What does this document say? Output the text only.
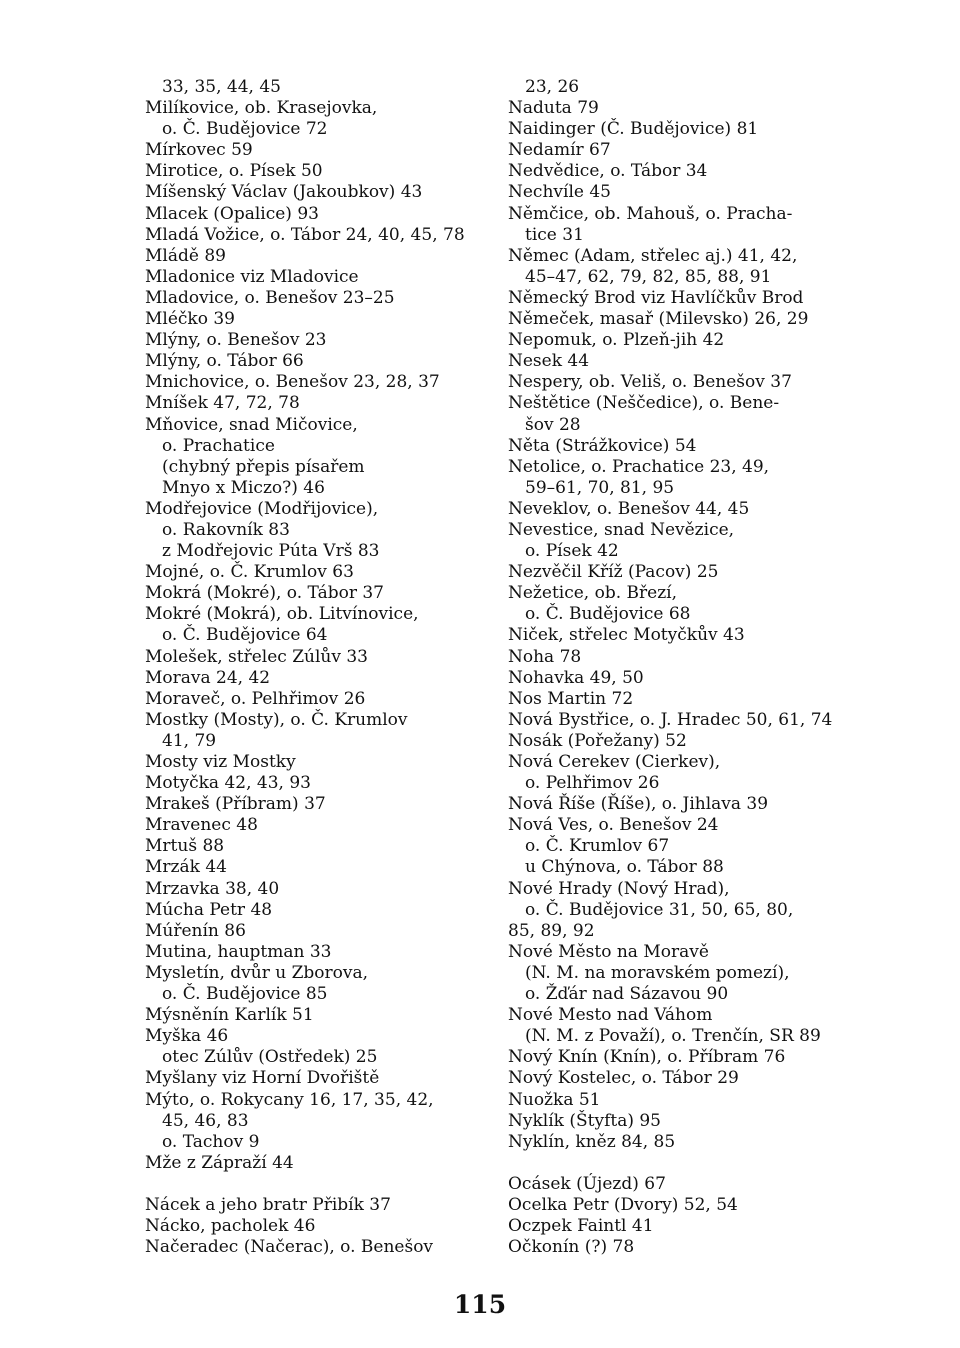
33, 35, 44, 45
Milíkovice, ob. Krasejovka,
o. Č. Budějovice 72
Mírkovec 59
Mirotice, o. Písek 50
Míšenský Václav (Jakoubkov) 43
Mlacek (Opalice) 93
Mladá Vožice, o. Tábor 24, 40, 45, 78
Mládě 89
Mladonice viz Mladovice
Mladovice, o. Benešov 23–25
Mléčko 39
Mlýny, o. Benešov 23
Mlýny, o. Tábor 66
Mnichovice, o. Benešov 23, 28, 37
Mníšek 47, 72, 78
Mňovice, snad Mičovice,
o. Prachatice
(chybný přepis písařem
Mnyo x Miczo?) 46
Modřejovice (Modřijovice),
o. Rakovník 83
z Modřejovic Púta Vrš 83
Mojné, o. Č. Krumlov 63
Mokrá (Mokré), o. Tábor 37
Mokré (Mokrá), ob. Litvínovice,
o. Č. Budějovice 64
Molešek, střelec Zúlův 33
Morava 24, 42
Moraveč, o. Pelhřimov 26
Mostky (Mosty), o. Č. Krumlov
41, 79
Mosty viz Mostky
Motyčka 42, 43, 93
Mrakeš (Příbram) 37
Mravenec 48
Mrtuš 88
Mrzák 44
Mrzavka 38, 40
Múcha Petr 48
Múřenín 86
Mutina, hauptman 33
Mysletín, dvůr u Zborova,
o. Č. Budějovice 85
Mýsněnín Karlík 51
Myška 46
otec Zúlův (Ostředek) 25
Myšlany viz Horní Dvořiště
Mýto, o. Rokycany 16, 17, 35, 42,
45, 46, 83
o. Tachov 9
Mže z Zápraží 44
Nácek a jeho bratr Přibík 37
Nácko, pacholek 46
Načeradec (Načerac), o. Benešov
23, 26
Naduta 79
Naidinger (Č. Budějovice) 81
Nedamír 67
Nedvědice, o. Tábor 34
Nechvíle 45
Němčice, ob. Mahouš, o. Pracha-
tice 31
Němec (Adam, střelec aj.) 41, 42,
45–47, 62, 79, 82, 85, 88, 91
Německý Brod viz Havlíčkův Brod
Němeček, masař (Milevsko) 26, 29
Nepomuk, o. Plzeň-jih 42
Nesek 44
Nespery, ob. Veliš, o. Benešov 37
Neštětice (Neščedice), o. Bene-
šov 28
Něta (Strážkovice) 54
Netolice, o. Prachatice 23, 49,
59–61, 70, 81, 95
Neveklov, o. Benešov 44, 45
Nevestice, snad Nevězice,
o. Písek 42
Nezvěčil Kříž (Pacov) 25
Nežetice, ob. Březí,
o. Č. Budějovice 68
Niček, střelec Motyčkův 43
Noha 78
Nohavka 49, 50
Nos Martin 72
Nová Bystřice, o. J. Hradec 50, 61, 74
Nosák (Pořežany) 52
Nová Cerekev (Cierkev),
o. Pelhřimov 26
Nová Říše (Říše), o. Jihlava 39
Nová Ves, o. Benešov 24
o. Č. Krumlov 67
u Chýnova, o. Tábor 88
Nové Hrady (Nový Hrad),
o. Č. Budějovice 31, 50, 65, 80,
85, 89, 92
Nové Město na Moravě
(N. M. na moravském pomezí),
o. Žďár nad Sázavou 90
Nové Mesto nad Váhom
(N. M. z Považí), o. Trenčín, SR 89
Nový Knín (Knín), o. Příbram 76
Nový Kostelec, o. Tábor 29
Nuožka 51
Nyklík (Štyfta) 95
Nyklín, kněz 84, 85
Ocásek (Újezd) 67
Ocelka Petr (Dvory) 52, 54
Oczpek Faintl 41
Očkonín (?) 78
115
